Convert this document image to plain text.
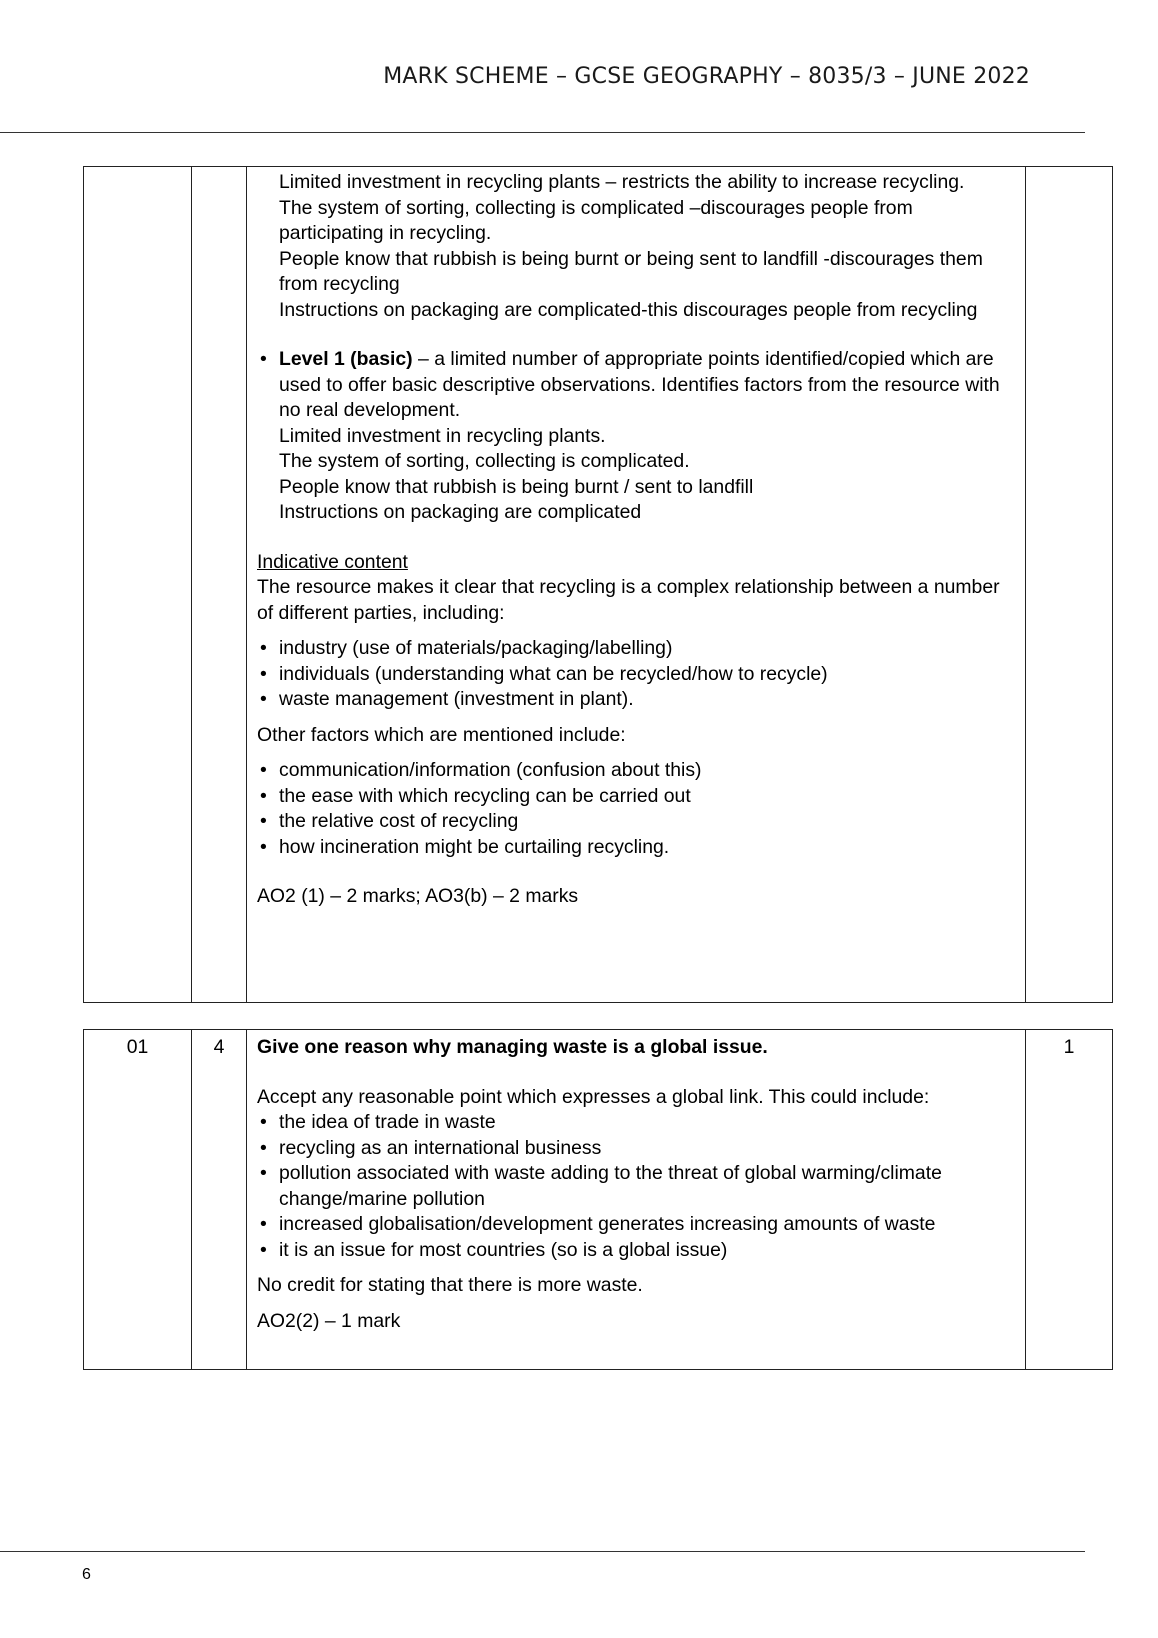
MARK SCHEME – GCSE GEOGRAPHY – 8035/3 – JUNE 2022

Limited investment in recycling plants – restricts the ability to increase recycling.

The system of sorting, collecting is complicated –discourages people from participating in recycling.

People know that rubbish is being burnt or being sent to landfill -discourages them from recycling

Instructions on packaging are complicated-this discourages people from recycling

• Level 1 (basic) – a limited number of appropriate points identified/copied which are used to offer basic descriptive observations. Identifies factors from the resource with no real development.

Limited investment in recycling plants.

The system of sorting, collecting is complicated.

People know that rubbish is being burnt / sent to landfill

Instructions on packaging are complicated

Indicative content

The resource makes it clear that recycling is a complex relationship between a number of different parties, including:

• industry (use of materials/packaging/labelling)
• individuals (understanding what can be recycled/how to recycle)
• waste management (investment in plant).

Other factors which are mentioned include:

• communication/information (confusion about this)
• the ease with which recycling can be carried out
• the relative cost of recycling
• how incineration might be curtailing recycling.

AO2 (1) – 2 marks; AO3(b) – 2 marks

01	4	Give one reason why managing waste is a global issue.

Accept any reasonable point which expresses a global link. This could include:

• the idea of trade in waste
• recycling as an international business
• pollution associated with waste adding to the threat of global warming/climate change/marine pollution
• increased globalisation/development generates increasing amounts of waste
• it is an issue for most countries (so is a global issue)

No credit for stating that there is more waste.

AO2(2) – 1 mark

	1
6
